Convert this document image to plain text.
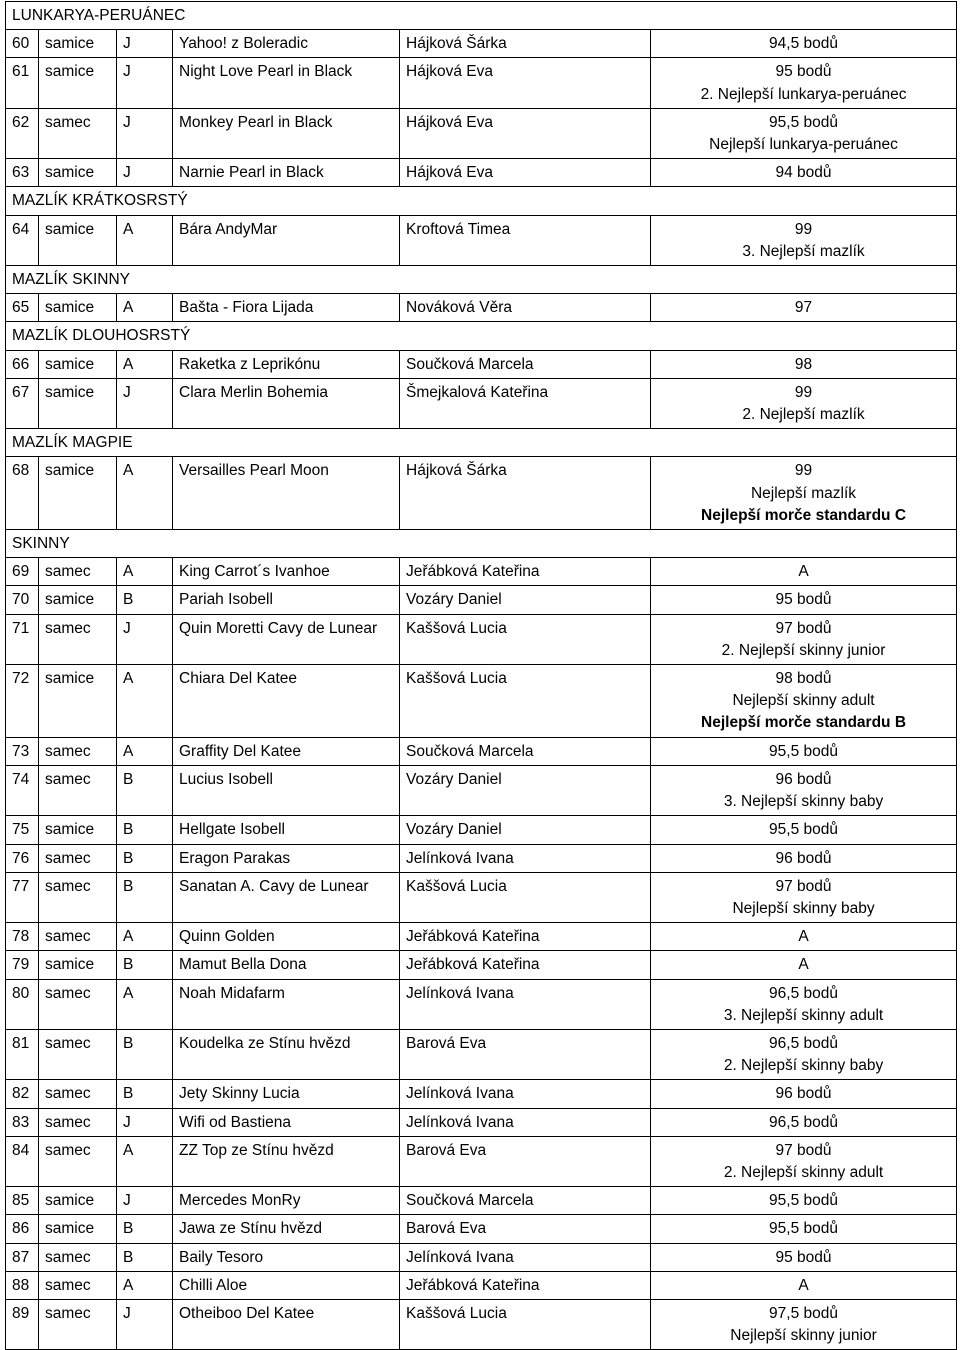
LUNKARYA-PERUÁNEC					
60	samice	J	Yahoo! z Boleradic	Hájková Šárka	94,5 bodů

61	samice	J	Night Love Pearl in Black	Hájková Eva	95 bodů
2. Nejlepší lunkarya-peruánec

62	samec	J	Monkey Pearl in Black	Hájková Eva	95,5 bodů
Nejlepší lunkarya-peruánec

63	samice	J	Narnie Pearl in Black	Hájková Eva	94 bodů

MAZLÍK KRÁTKOSRSTÝ					
64	samice	A	Bára AndyMar	Kroftová Timea	99
3. Nejlepší mazlík

MAZLÍK SKINNY					
65	samice	A	Bašta - Fiora Lijada	Nováková Věra	97

MAZLÍK DLOUHOSRSTÝ					
66	samice	A	Raketka z Leprikónu	Součková Marcela	98

67	samice	J	Clara Merlin Bohemia	Šmejkalová Kateřina	99
2. Nejlepší mazlík

MAZLÍK MAGPIE					
68	samice	A	Versailles Pearl Moon	Hájková Šárka	99
Nejlepší mazlík
Nejlepší morče standardu C

SKINNY					
69	samec	A	King Carrot´s Ivanhoe	Jeřábková Kateřina	A

70	samice	B	Pariah Isobell	Vozáry Daniel	95 bodů

71	samec	J	Quin Moretti Cavy de Lunear	Kaššová Lucia	97 bodů
2. Nejlepší skinny junior

72	samice	A	Chiara Del Katee	Kaššová Lucia	98 bodů
Nejlepší skinny adult
Nejlepší morče standardu B

73	samec	A	Graffity Del Katee	Součková Marcela	95,5 bodů

74	samec	B	Lucius Isobell	Vozáry Daniel	96 bodů
3. Nejlepší skinny baby

75	samice	B	Hellgate Isobell	Vozáry Daniel	95,5 bodů

76	samec	B	Eragon Parakas	Jelínková Ivana	96 bodů

77	samec	B	Sanatan A. Cavy de Lunear	Kaššová Lucia	97 bodů
Nejlepší skinny baby

78	samec	A	Quinn Golden	Jeřábková Kateřina	A

79	samice	B	Mamut Bella Dona	Jeřábková Kateřina	A

80	samec	A	Noah Midafarm	Jelínková Ivana	96,5 bodů
3. Nejlepší skinny adult

81	samec	B	Koudelka ze Stínu hvězd	Barová Eva	96,5 bodů
2. Nejlepší skinny baby

82	samec	B	Jety Skinny Lucia	Jelínková Ivana	96 bodů

83	samec	J	Wifi od Bastiena	Jelínková Ivana	96,5 bodů

84	samec	A	ZZ Top ze Stínu hvězd	Barová Eva	97 bodů
2. Nejlepší skinny adult

85	samice	J	Mercedes MonRy	Součková Marcela	95,5 bodů

86	samice	B	Jawa ze Stínu hvězd	Barová Eva	95,5 bodů

87	samec	B	Baily Tesoro	Jelínková Ivana	95 bodů

88	samec	A	Chilli Aloe	Jeřábková Kateřina	A

89	samec	J	Otheiboo Del Katee	Kaššová Lucia	97,5 bodů
Nejlepší skinny junior
